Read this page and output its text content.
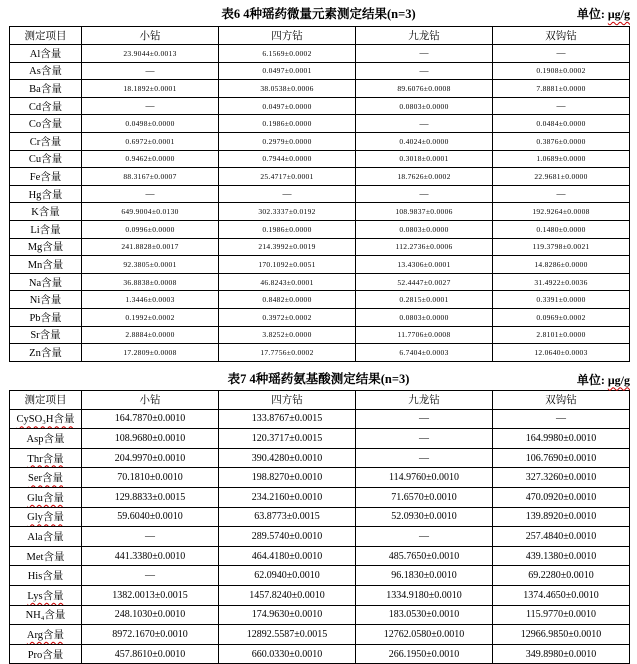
表6 4种瑶药微量元素测定结果(n=3)	单位: μg/g
测定项目	小钻	四方钻	九龙钻	双钩钻
Al含量	23.9044±0.0013	6.1569±0.0002	—	—
As含量	—	0.0497±0.0001	—	0.1908±0.0002
Ba含量	18.1892±0.0001	38.0538±0.0006	89.6076±0.0008	7.8881±0.0000
Cd含量	—	0.0497±0.0000	0.0803±0.0000	—
Co含量	0.0498±0.0000	0.1986±0.0000	—	0.0484±0.0000
Cr含量	0.6972±0.0001	0.2979±0.0000	0.4024±0.0000	0.3876±0.0000
Cu含量	0.9462±0.0000	0.7944±0.0000	0.3018±0.0001	1.0689±0.0000
Fe含量	88.3167±0.0007	25.4717±0.0001	18.7626±0.0002	22.9681±0.0000
Hg含量	—	—	—	—
K含量	649.9004±0.0130	302.3337±0.0192	108.9837±0.0006	192.9264±0.0008
Li含量	0.0996±0.0000	0.1986±0.0000	0.0803±0.0000	0.1480±0.0000
Mg含量	241.8828±0.0017	214.3992±0.0019	112.2736±0.0006	119.3798±0.0021
Mn含量	92.3805±0.0001	170.1092±0.0051	13.4306±0.0001	14.8286±0.0000
Na含量	36.8838±0.0008	46.8243±0.0001	52.4447±0.0027	31.4922±0.0036
Ni含量	1.3446±0.0003	0.8482±0.0000	0.2815±0.0001	0.3391±0.0000
Pb含量	0.1992±0.0002	0.3972±0.0002	0.0803±0.0000	0.0969±0.0002
Sr含量	2.8884±0.0000	3.8252±0.0000	11.7706±0.0008	2.8101±0.0000
Zn含量	17.2809±0.0008	17.7756±0.0002	6.7404±0.0003	12.0640±0.0003
表7 4种瑶药氨基酸测定结果(n=3)	单位: μg/g
测定项目	小钻	四方钻	九龙钻	双钩钻
CySO₃H含量	164.7870±0.0010	133.8767±0.0015	—	—
Asp含量	108.9680±0.0010	120.3717±0.0015	—	164.9980±0.0010
Thr含量	204.9970±0.0010	390.4280±0.0010	—	106.7690±0.0010
Ser含量	70.1810±0.0010	198.8270±0.0010	114.9760±0.0010	327.3260±0.0010
Glu含量	129.8833±0.0015	234.2160±0.0010	71.6570±0.0010	470.0920±0.0010
Gly含量	59.6040±0.0010	63.8773±0.0015	52.0930±0.0010	139.8920±0.0010
Ala含量	—	289.5740±0.0010	—	257.4840±0.0010
Met含量	441.3380±0.0010	464.4180±0.0010	485.7650±0.0010	439.1380±0.0010
His含量	—	62.0940±0.0010	96.1830±0.0010	69.2280±0.0010
Lys含量	1382.0013±0.0015	1457.8240±0.0010	1334.9180±0.0010	1374.4650±0.0010
NH₄含量	248.1030±0.0010	174.9630±0.0010	183.0530±0.0010	115.9770±0.0010
Arg含量	8972.1670±0.0010	12892.5587±0.0015	12762.0580±0.0010	12966.9850±0.0010
Pro含量	457.8610±0.0010	660.0330±0.0010	266.1950±0.0010	349.8980±0.0010
